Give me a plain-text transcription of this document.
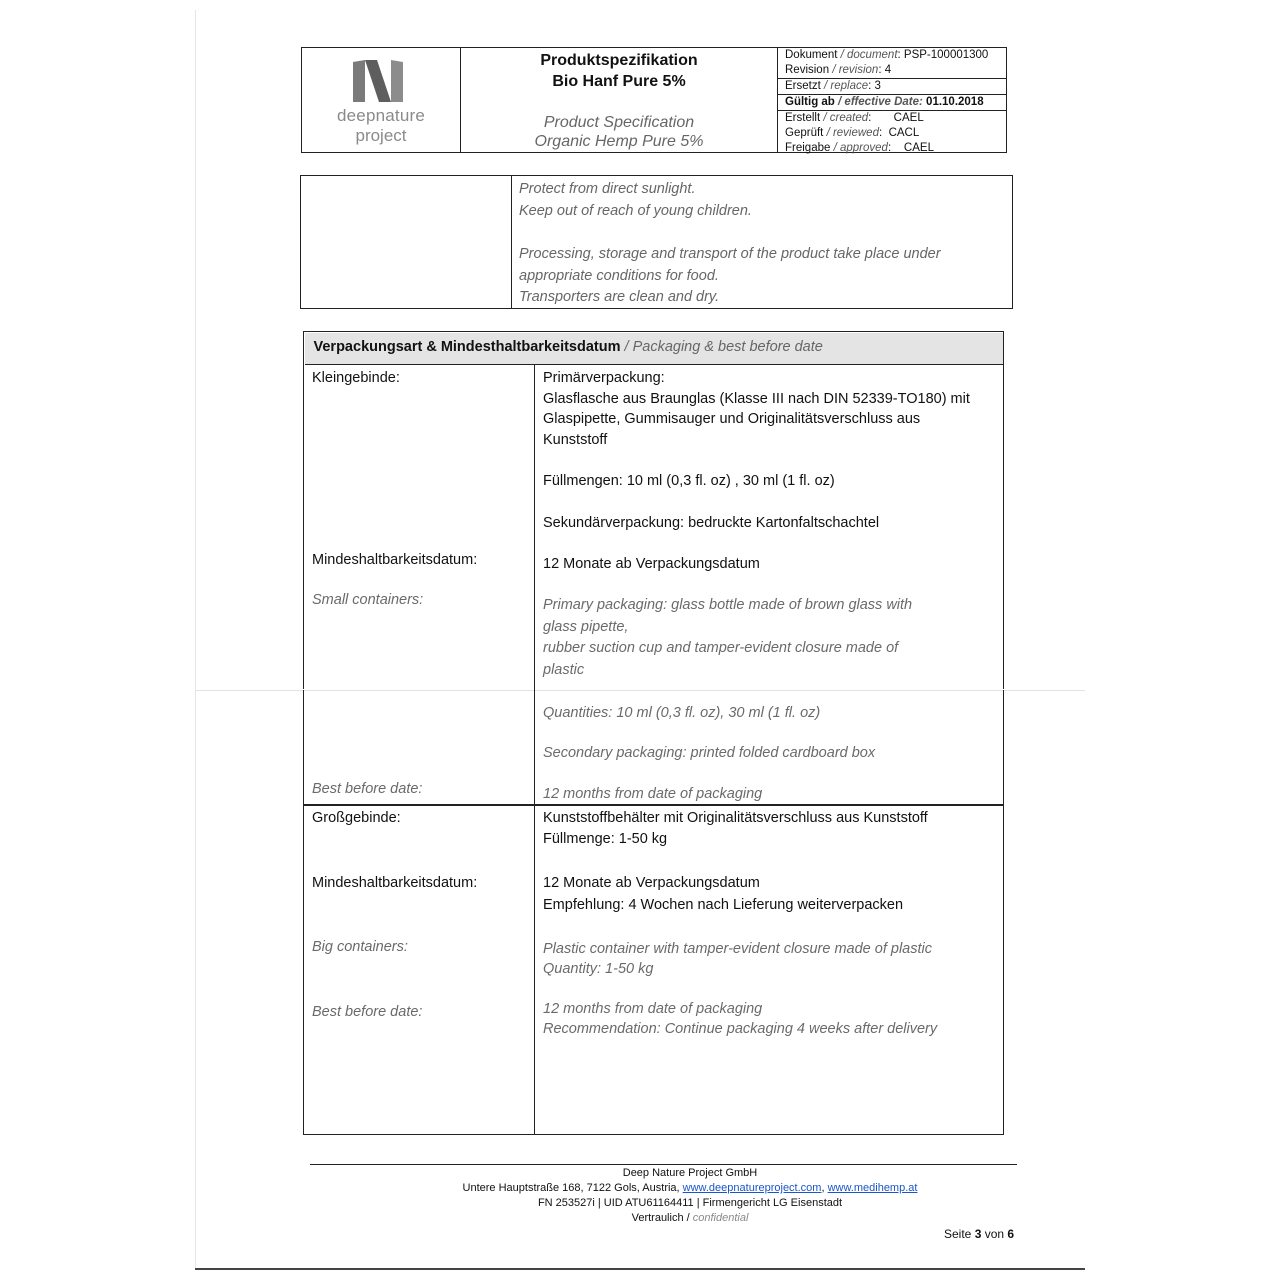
deepnature
project
Produktspezifikation
Bio Hanf Pure 5%
Product Specification
Organic Hemp Pure 5%
Dokument / document: PSP-100001300
Revision / revision: 4
Ersetzt / replace: 3
Gültig ab / effective Date: 01.10.2018
Erstellt / created:       CAEL
Geprüft / reviewed:  CACL
Freigabe / approved:    CAEL
Protect from direct sunlight.
Keep out of reach of young children.
Processing, storage and transport of the product take place under
appropriate conditions for food.
Transporters are clean and dry.
Verpackungsart & Mindesthaltbarkeitsdatum / Packaging & best before date
Kleingebinde:
Mindeshaltbarkeitsdatum:
Small containers:
Best before date:
Primärverpackung:
Glasflasche aus Braunglas (Klasse III nach DIN 52339-TO180) mit
Glaspipette, Gummisauger und Originalitätsverschluss aus
Kunststoff
Füllmengen: 10 ml (0,3 fl. oz) , 30 ml (1 fl. oz)
Sekundärverpackung: bedruckte Kartonfaltschachtel
12 Monate ab Verpackungsdatum
Primary packaging: glass bottle made of brown glass with
glass pipette,
rubber suction cup and tamper-evident closure made of
plastic
Quantities: 10 ml (0,3 fl. oz), 30 ml (1 fl. oz)
Secondary packaging: printed folded cardboard box
12 months from date of packaging
Großgebinde:
Mindeshaltbarkeitsdatum:
Big containers:
Best before date:
Kunststoffbehälter mit Originalitätsverschluss aus Kunststoff
Füllmenge: 1-50 kg
12 Monate ab Verpackungsdatum
Empfehlung: 4 Wochen nach Lieferung weiterverpacken
Plastic container with tamper-evident closure made of plastic
Quantity: 1-50 kg
12 months from date of packaging
Recommendation: Continue packaging 4 weeks after delivery
Deep Nature Project GmbH
Untere Hauptstraße 168, 7122 Gols, Austria, www.deepnatureproject.com, www.medihemp.at
FN 253527i | UID ATU61164411 | Firmengericht LG Eisenstadt
Vertraulich / confidential
Seite 3 von 6
